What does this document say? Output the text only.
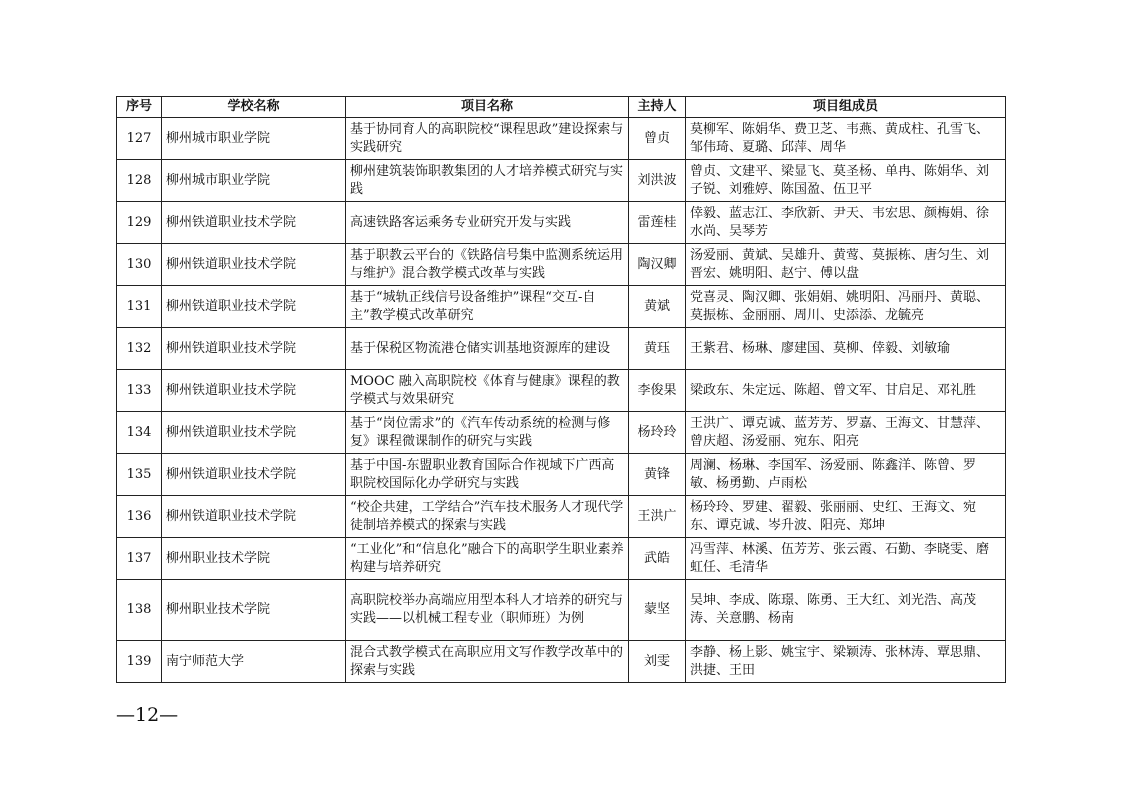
序号	学校名称	项目名称	主持人	项目组成员
127	柳州城市职业学院	基于协同育人的高职院校“课程思政”建设探索与实践研究	曾贞	莫柳军、陈娟华、费卫芝、韦燕、黄成柱、孔雪飞、邹伟琦、夏璐、邱萍、周华
128	柳州城市职业学院	柳州建筑装饰职教集团的人才培养模式研究与实践	刘洪波	曾贞、文建平、梁显飞、莫圣杨、单冉、陈娟华、刘子锐、刘雅婷、陈国盈、伍卫平
129	柳州铁道职业技术学院	高速铁路客运乘务专业研究开发与实践	雷莲桂	倖毅、蓝志江、李欣新、尹天、韦宏思、颜梅娟、徐水尚、吴琴芳
130	柳州铁道职业技术学院	基于职教云平台的《铁路信号集中监测系统运用与维护》混合教学模式改革与实践	陶汉卿	汤爱丽、黄斌、吴雄升、黄莺、莫振栋、唐匀生、刘晋宏、姚明阳、赵宁、傅以盘
131	柳州铁道职业技术学院	基于“城轨正线信号设备维护”课程“交互-自主”教学模式改革研究	黄斌	党喜灵、陶汉卿、张娟娟、姚明阳、冯丽丹、黄聪、莫振栋、金丽丽、周川、史添添、龙毓亮
132	柳州铁道职业技术学院	基于保税区物流港仓储实训基地资源库的建设	黄珏	王紫君、杨琳、廖建国、莫柳、倖毅、刘敏瑜
133	柳州铁道职业技术学院	MOOC 融入高职院校《体育与健康》课程的教学模式与效果研究	李俊果	梁政东、朱定远、陈超、曾文军、甘启足、邓礼胜
134	柳州铁道职业技术学院	基于“岗位需求”的《汽车传动系统的检测与修复》课程微课制作的研究与实践	杨玲玲	王洪广、谭克诚、蓝芳芳、罗嘉、王海文、甘慧萍、曾庆超、汤爱丽、宛东、阳亮
135	柳州铁道职业技术学院	基于中国-东盟职业教育国际合作视域下广西高职院校国际化办学研究与实践	黄锋	周澜、杨琳、李国军、汤爱丽、陈鑫洋、陈曾、罗敏、杨勇勤、卢雨松
136	柳州铁道职业技术学院	“校企共建，工学结合”汽车技术服务人才现代学徒制培养模式的探索与实践	王洪广	杨玲玲、罗建、翟毅、张丽丽、史红、王海文、宛东、谭克诚、岑升波、阳亮、郑坤
137	柳州职业技术学院	“工业化”和“信息化”融合下的高职学生职业素养构建与培养研究	武皓	冯雪萍、林溪、伍芳芳、张云霞、石勤、李晓雯、磨虹任、毛清华
138	柳州职业技术学院	高职院校举办高端应用型本科人才培养的研究与实践——以机械工程专业（职师班）为例	蒙坚	吴坤、李成、陈璟、陈勇、王大红、刘光浩、高茂涛、关意鹏、杨南
139	南宁师范大学	混合式教学模式在高职应用文写作教学改革中的探索与实践	刘雯	李静、杨上影、姚宝宇、梁颖涛、张林涛、覃思鼎、洪捷、王田
—12—
